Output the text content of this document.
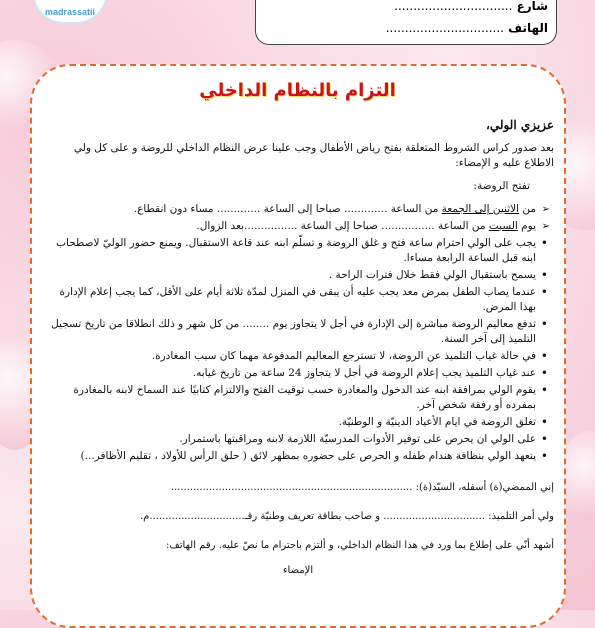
$_{madrassatii}$	شارع ...............................
الهاتف ...............................
التزام بالنظام الداخلي
عزيزي الولي،
بعد صدور كراس الشروط المتعلقة بفتح رياض الأطفال وجب علينا عرض النظام الداخلي للروضة و على كل ولي الاطلاع عليه و الإمضاء:
تفتح الروضة:
➢ من الاثنين إلى الجمعة من الساعة ............. صباحا إلى الساعة ............. مساء دون انقطاع.
➢ يوم السبت من الساعة ................ صباحا إلى الساعة ................بعد الزوال.
• يجب على الولي احترام ساعة فتح و غلق الروضة و تسلّم ابنه عند قاعة الاستقبال. ويمنع حضور الوليّ لاصطحاب ابنه قبل الساعة الرابعة مساءا.
• يسمح باستقبال الولي فقط خلال فترات الراحة .
• عندما يصاب الطفل بمرض معد يجب عليه أن يبقى في المنزل لمدّة ثلاثة أيام على الأقل، كما يجب إعلام الإدارة بهذا المرض.
• تدفع معاليم الروضة مباشرة إلى الإدارة في أجل لا يتجاوز يوم ........ من كل شهر و ذلك انطلاقا من تاريخ تسجيل التلميذ إلى آخر السنة.
• في حالة غياب التلميذ عن الروضة، لا تسترجع المعاليم المدفوعة مهما كان سبب المغادرة.
• عند غياب التلميذ يجب إعلام الروضة في أجل لا يتجاوز 24 ساعة من تاريخ غيابه.
• يقوم الولي بمرافقة ابنه عند الدخول والمغادرة حسب توقيت الفتح والالتزام كتابيًا عند السماح لابنه بالمغادرة بمفرده أو رفقة شخص آخر.
• تغلق الروضة في ايام الأعياد الدينيّة و الوطنيّة.
• على الولي ان يحرص على توفير الأدوات المدرسيّة اللازمة لابنه ومراقبتها باستمرار.
• يتعهد الولي بنظافة هندام طفله و الحرص على حضوره بمظهر لائق ( حلق الرأس للأولاد ، تقليم الأظافر...)
إني الممضي(ة) أسفله، السيّد(ة): ............................................................................
ولي أمر التلميذ: ................................ و صاحب بطاقة تعريف وطنيّة رقـ..............................م.
أشهد أنّي على إطلاع بما ورد في هذا النظام الداخلي، و ألتزم باحترام ما نصّ عليه. رقم الهاتف:
الإمضاء
